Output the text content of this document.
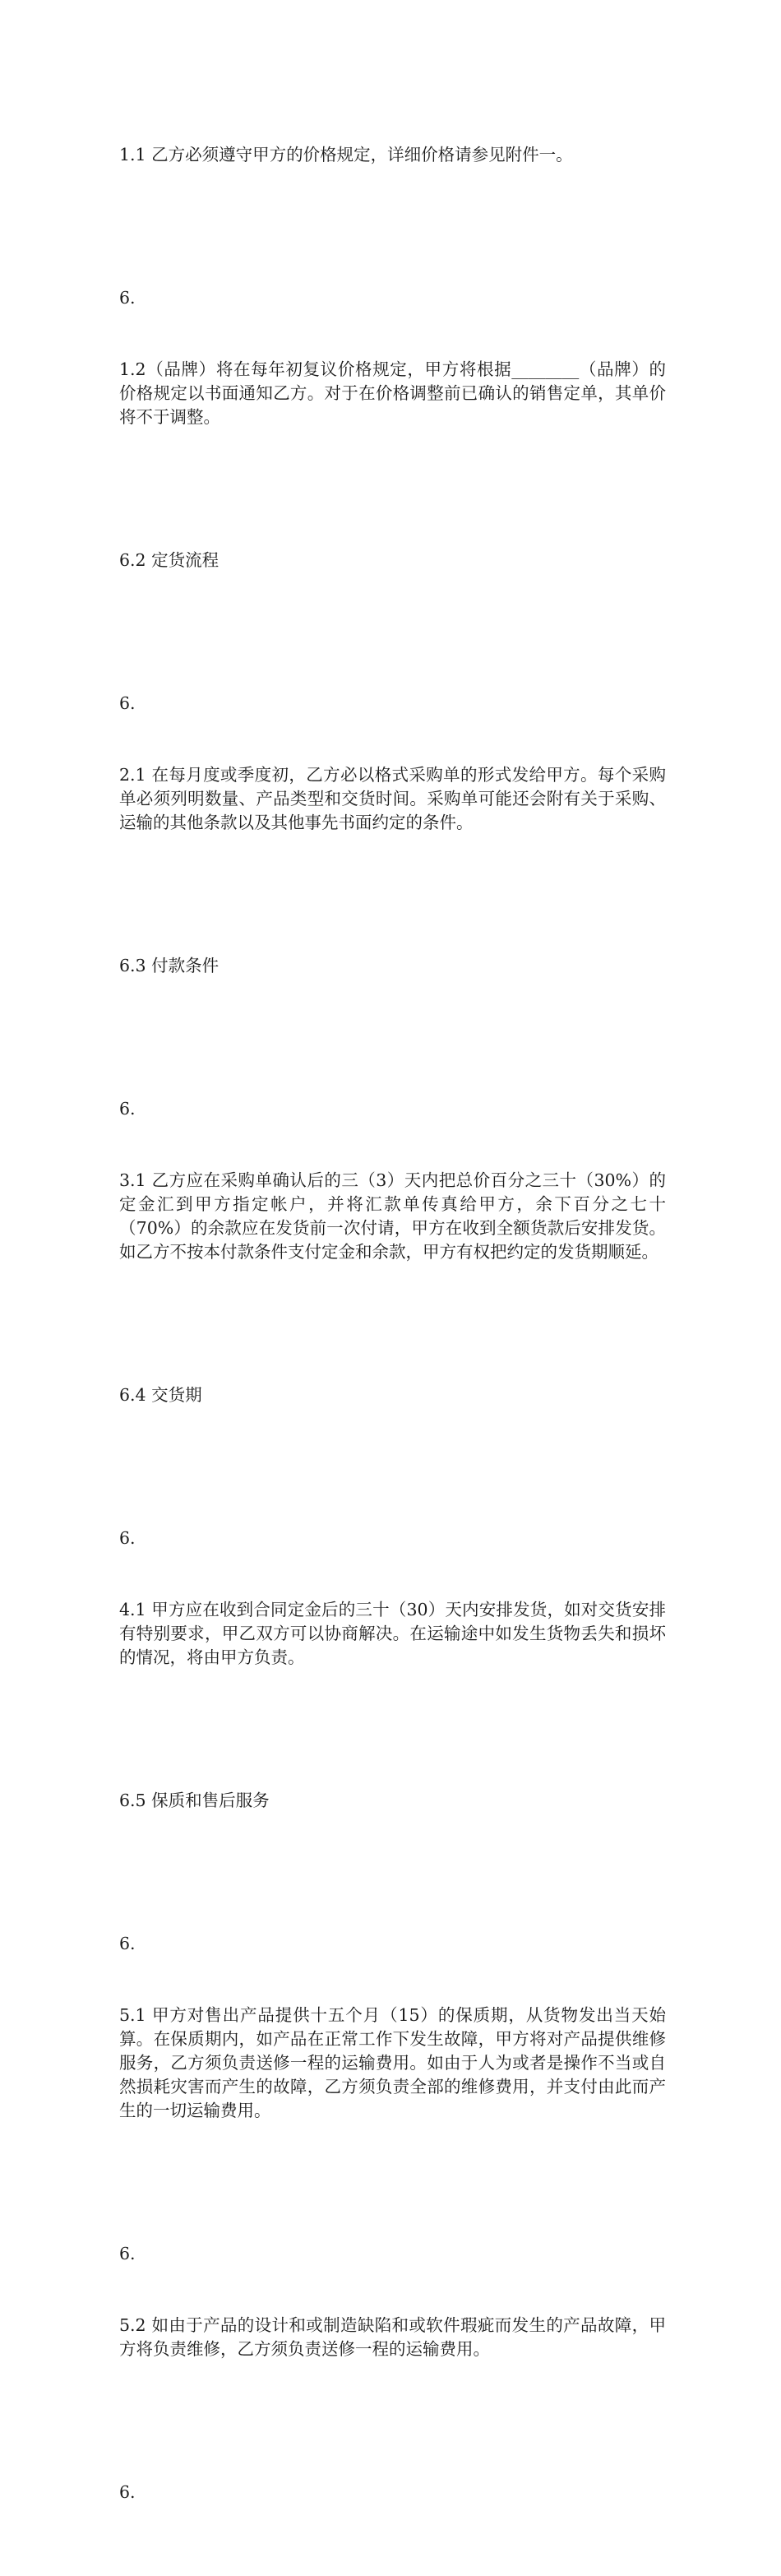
1.1 乙方必须遵守甲方的价格规定，详细价格请参见附件一。

6.

1.2（品牌）将在每年初复议价格规定，甲方将根据________（品牌）的价格规定以书面通知乙方。对于在价格调整前已确认的销售定单，其单价将不于调整。

6.2 定货流程

6.

2.1 在每月度或季度初，乙方必以格式采购单的形式发给甲方。每个采购单必须列明数量、产品类型和交货时间。采购单可能还会附有关于采购、运输的其他条款以及其他事先书面约定的条件。

6.3 付款条件

6.

3.1 乙方应在采购单确认后的三（3）天内把总价百分之三十（30%）的定金汇到甲方指定帐户，并将汇款单传真给甲方，余下百分之七十（70%）的余款应在发货前一次付请，甲方在收到全额货款后安排发货。如乙方不按本付款条件支付定金和余款，甲方有权把约定的发货期顺延。

6.4 交货期

6.

4.1 甲方应在收到合同定金后的三十（30）天内安排发货，如对交货安排有特别要求，甲乙双方可以协商解决。在运输途中如发生货物丢失和损坏的情况，将由甲方负责。

6.5 保质和售后服务

6.

5.1 甲方对售出产品提供十五个月（15）的保质期，从货物发出当天始算。在保质期内，如产品在正常工作下发生故障，甲方将对产品提供维修服务，乙方须负责送修一程的运输费用。如由于人为或者是操作不当或自然损耗灾害而产生的故障，乙方须负责全部的维修费用，并支付由此而产生的一切运输费用。

6.

5.2 如由于产品的设计和或制造缺陷和或软件瑕疵而发生的产品故障，甲方将负责维修，乙方须负责送修一程的运输费用。

6.
